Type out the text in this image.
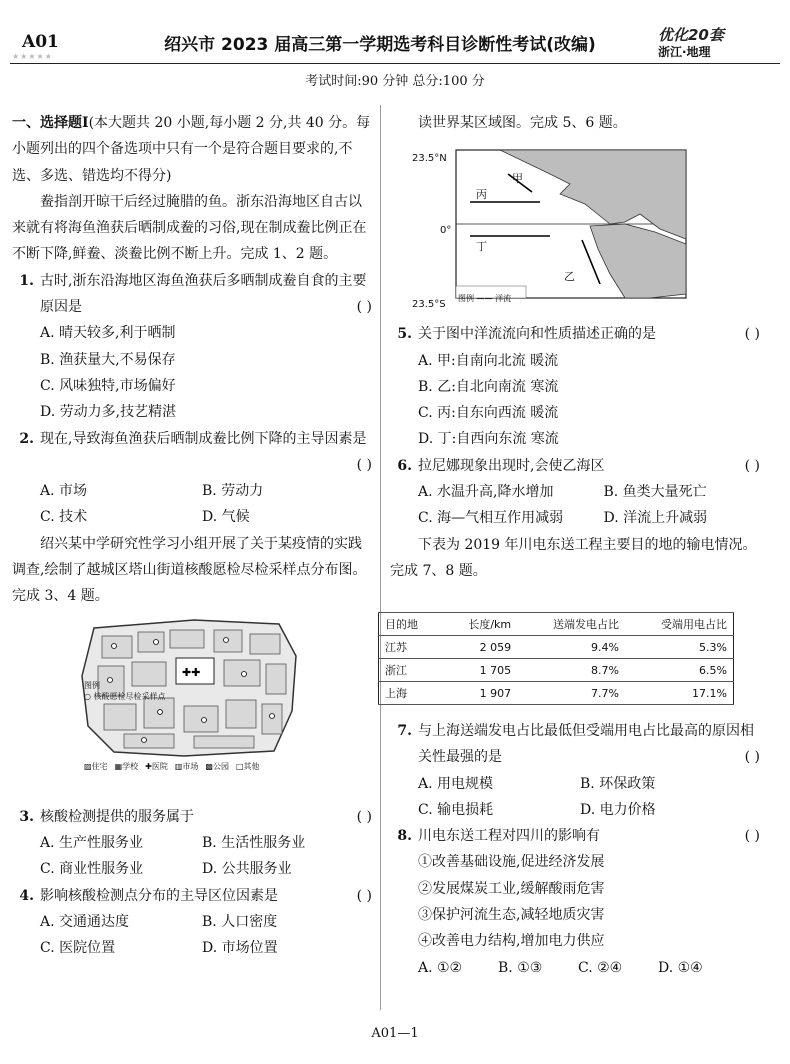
A01
★★★★★
绍兴市 2023 届高三第一学期选考科目诊断性考试(改编)	优化20套
浙江·地理
考试时间:90 分钟 总分:100 分

一、选择题Ⅰ(本大题共 20 小题,每小题 2 分,共 40 分。每小题列出的四个备选项中只有一个是符合题目要求的,不选、多选、错选均不得分)

鲞指剖开晾干后经过腌腊的鱼。浙东沿海地区自古以来就有将海鱼渔获后晒制成鲞的习俗,现在制成鲞比例正在不断下降,鲜鲞、淡鲞比例不断上升。完成 1、2 题。

1. 古时,浙东沿海地区海鱼渔获后多晒制成鲞自食的主要原因是	( )
A. 晴天较多,利于晒制
B. 渔获量大,不易保存
C. 风味独特,市场偏好
D. 劳动力多,技艺精湛
2. 现在,导致海鱼渔获后晒制成鲞比例下降的主导因素是
( )
A. 市场	B. 劳动力
C. 技术	D. 气候

绍兴某中学研究性学习小组开展了关于某疫情的实践调查,绘制了越城区塔山街道核酸愿检尽检采样点分布图。完成 3、4 题。

✚✚
图例
○ 核酸愿检尽检采样点
▨住宅 ▦学校 ✚医院 ▥市场 ▩公园 □其他
3. 核酸检测提供的服务属于	( )
A. 生产性服务业	B. 生活性服务业
C. 商业性服务业	D. 公共服务业
4. 影响核酸检测点分布的主导区位因素是	( )
A. 交通通达度	B. 人口密度
C. 医院位置	D. 市场位置

读世界某区域图。完成 5、6 题。

23.5°N
0°
23.5°S
甲
丙
丁
乙
图例 —— 洋流
5. 关于图中洋流流向和性质描述正确的是	( )
A. 甲:自南向北流 暖流
B. 乙:自北向南流 寒流
C. 丙:自东向西流 暖流
D. 丁:自西向东流 寒流
6. 拉尼娜现象出现时,会使乙海区	( )
A. 水温升高,降水增加	B. 鱼类大量死亡
C. 海—气相互作用减弱	D. 洋流上升减弱

下表为 2019 年川电东送工程主要目的地的输电情况。完成 7、8 题。

目的地	长度/km	送端发电占比	受端用电占比
江苏	2 059	9.4%	5.3%
浙江	1 705	8.7%	6.5%
上海	1 907	7.7%	17.1%
7. 与上海送端发电占比最低但受端用电占比最高的原因相关性最强的是	( )
A. 用电规模	B. 环保政策
C. 输电损耗	D. 电力价格
8. 川电东送工程对四川的影响有	( )
①改善基础设施,促进经济发展
②发展煤炭工业,缓解酸雨危害
③保护河流生态,减轻地质灾害
④改善电力结构,增加电力供应
A. ①②	B. ①③	C. ②④	D. ①④
A01—1
